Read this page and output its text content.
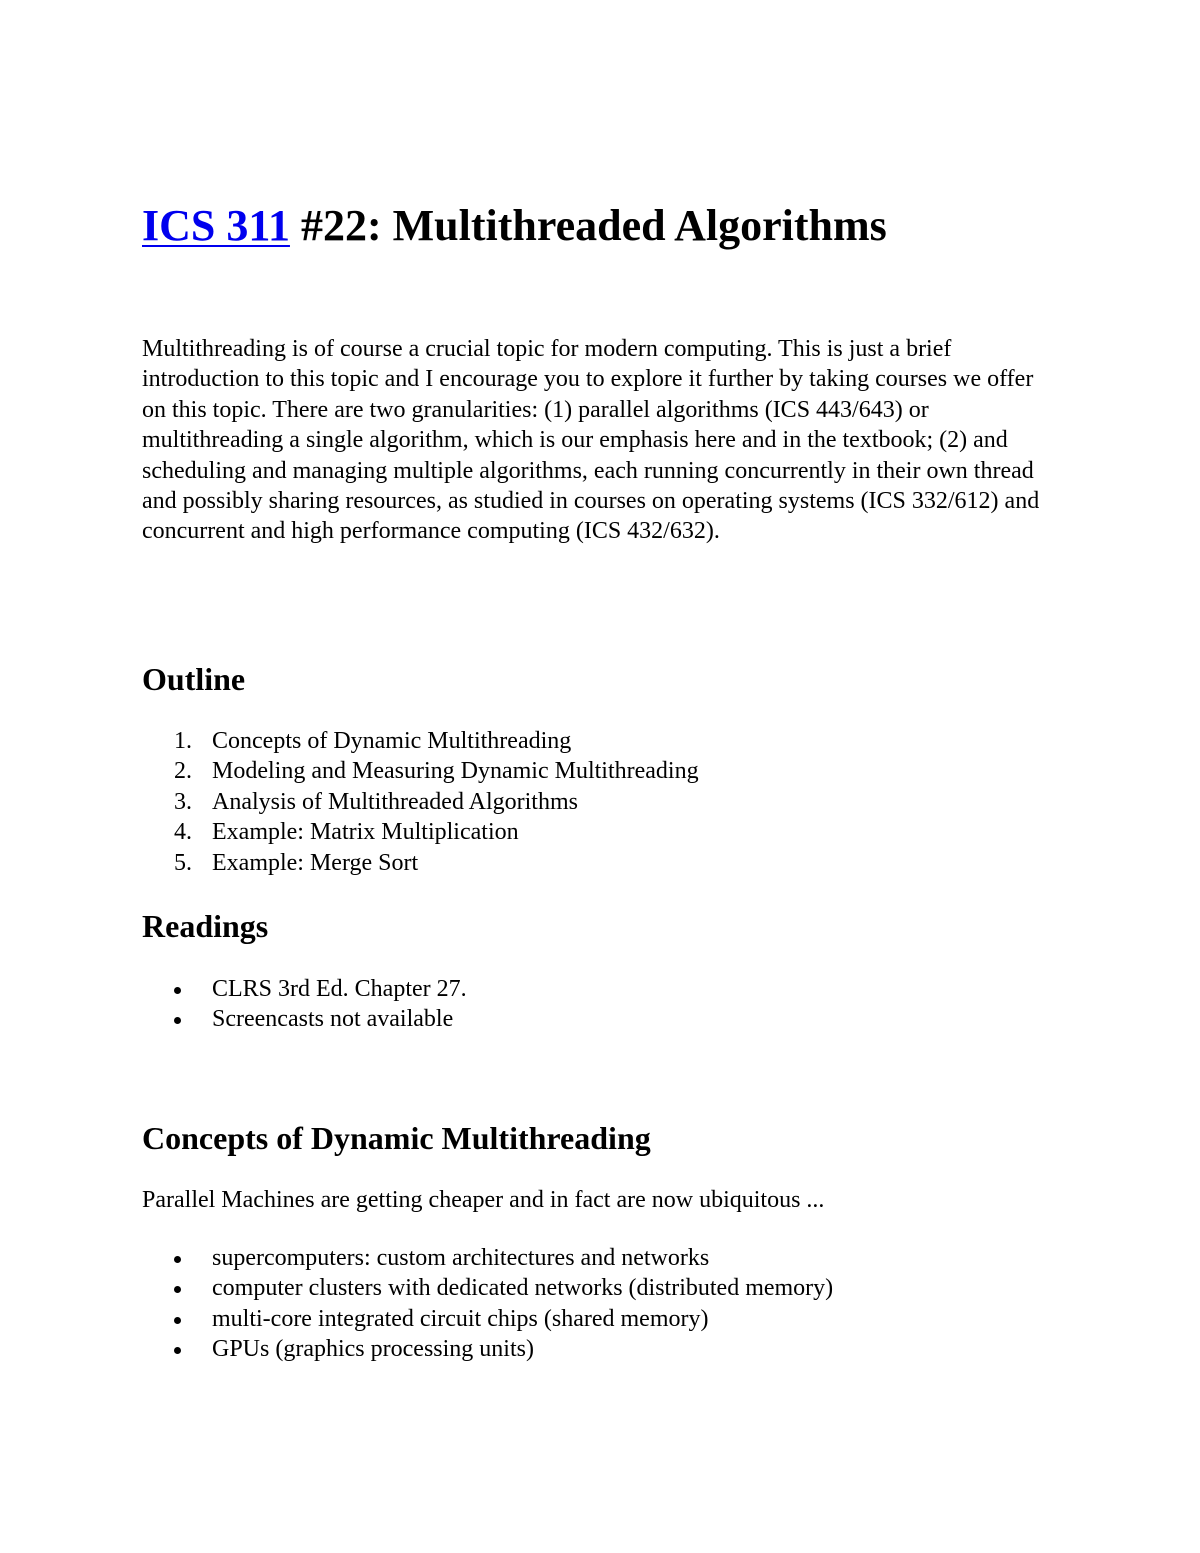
ICS 311 #22: Multithreaded Algorithms

Multithreading is of course a crucial topic for modern computing. This is just a brief introduction to this topic and I encourage you to explore it further by taking courses we offer on this topic. There are two granularities: (1) parallel algorithms (ICS 443/643) or multithreading a single algorithm, which is our emphasis here and in the textbook; (2) and scheduling and managing multiple algorithms, each running concurrently in their own thread and possibly sharing resources, as studied in courses on operating systems (ICS 332/612) and concurrent and high performance computing (ICS 432/632).

Outline
1. Concepts of Dynamic Multithreading
2. Modeling and Measuring Dynamic Multithreading
3. Analysis of Multithreaded Algorithms
4. Example: Matrix Multiplication
5. Example: Merge Sort
Readings
CLRS 3rd Ed. Chapter 27.
Screencasts not available
Concepts of Dynamic Multithreading

Parallel Machines are getting cheaper and in fact are now ubiquitous ...

supercomputers: custom architectures and networks
computer clusters with dedicated networks (distributed memory)
multi-core integrated circuit chips (shared memory)
GPUs (graphics processing units)
